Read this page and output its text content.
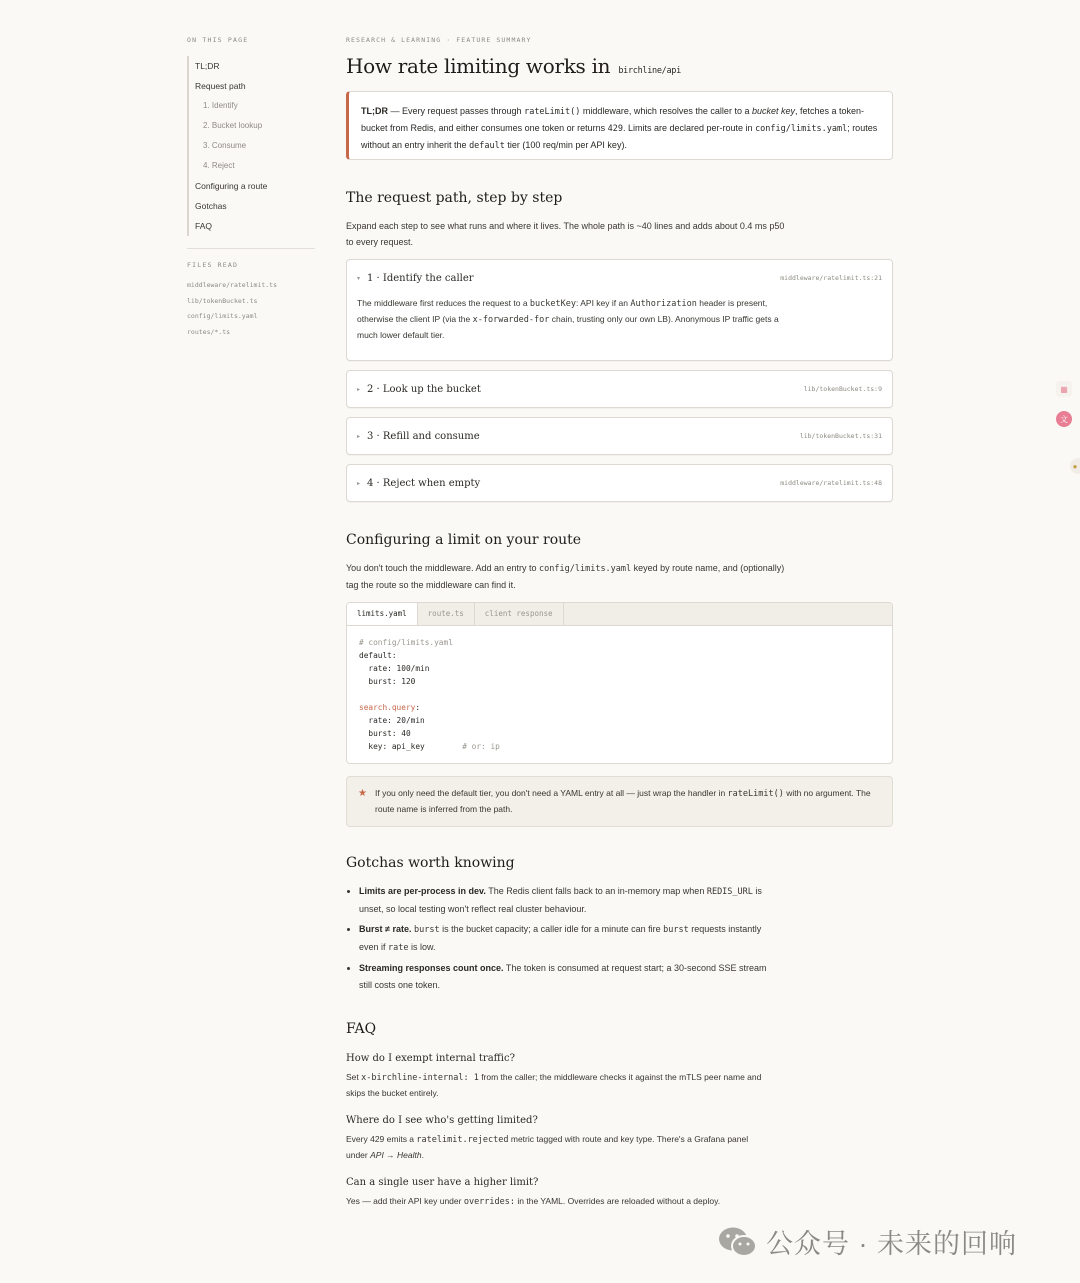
ON THIS PAGE
TL;DR
Request path
1. Identify
2. Bucket lookup
3. Consume
4. Reject
Configuring a route
Gotchas
FAQ
FILES READ
middleware/ratelimit.ts
lib/tokenBucket.ts
config/limits.yaml
routes/*.ts
RESEARCH & LEARNING · FEATURE SUMMARY
How rate limiting works in birchline/api
TL;DR — Every request passes through rateLimit() middleware, which resolves the caller to a bucket key, fetches a token-bucket from Redis, and either consumes one token or returns 429. Limits are declared per-route in config/limits.yaml; routes without an entry inherit the default tier (100 req/min per API key).
The request path, step by step
Expand each step to see what runs and where it lives. The whole path is ~40 lines and adds about 0.4 ms p50 to every request.
▾ 1 · Identify the caller	middleware/ratelimit.ts:21
The middleware first reduces the request to a bucketKey: API key if an Authorization header is present, otherwise the client IP (via the x-forwarded-for chain, trusting only our own LB). Anonymous IP traffic gets a much lower default tier.
▸ 2 · Look up the bucket	lib/tokenBucket.ts:9
▸ 3 · Refill and consume	lib/tokenBucket.ts:31
▸ 4 · Reject when empty	middleware/ratelimit.ts:48
Configuring a limit on your route
You don't touch the middleware. Add an entry to config/limits.yaml keyed by route name, and (optionally) tag the route so the middleware can find it.
limits.yaml	route.ts	client response
# config/limits.yaml
default:
rate: 100/min
burst: 120

search.query:
rate: 20/min
burst: 40
key: api_key	# or: ip
★ If you only need the default tier, you don't need a YAML entry at all — just wrap the handler in rateLimit() with no argument. The route name is inferred from the path.
Gotchas worth knowing
• Limits are per-process in dev. The Redis client falls back to an in-memory map when REDIS_URL is unset, so local testing won't reflect real cluster behaviour.
• Burst ≠ rate. burst is the bucket capacity; a caller idle for a minute can fire burst requests instantly even if rate is low.
• Streaming responses count once. The token is consumed at request start; a 30-second SSE stream still costs one token.
FAQ
How do I exempt internal traffic?
Set x-birchline-internal: 1 from the caller; the middleware checks it against the mTLS peer name and skips the bucket entirely.
Where do I see who's getting limited?
Every 429 emits a ratelimit.rejected metric tagged with route and key type. There's a Grafana panel under API → Health.
Can a single user have a higher limit?
Yes — add their API key under overrides: in the YAML. Overrides are reloaded without a deploy.
▦
文
●
公众号 · 未来的回响
